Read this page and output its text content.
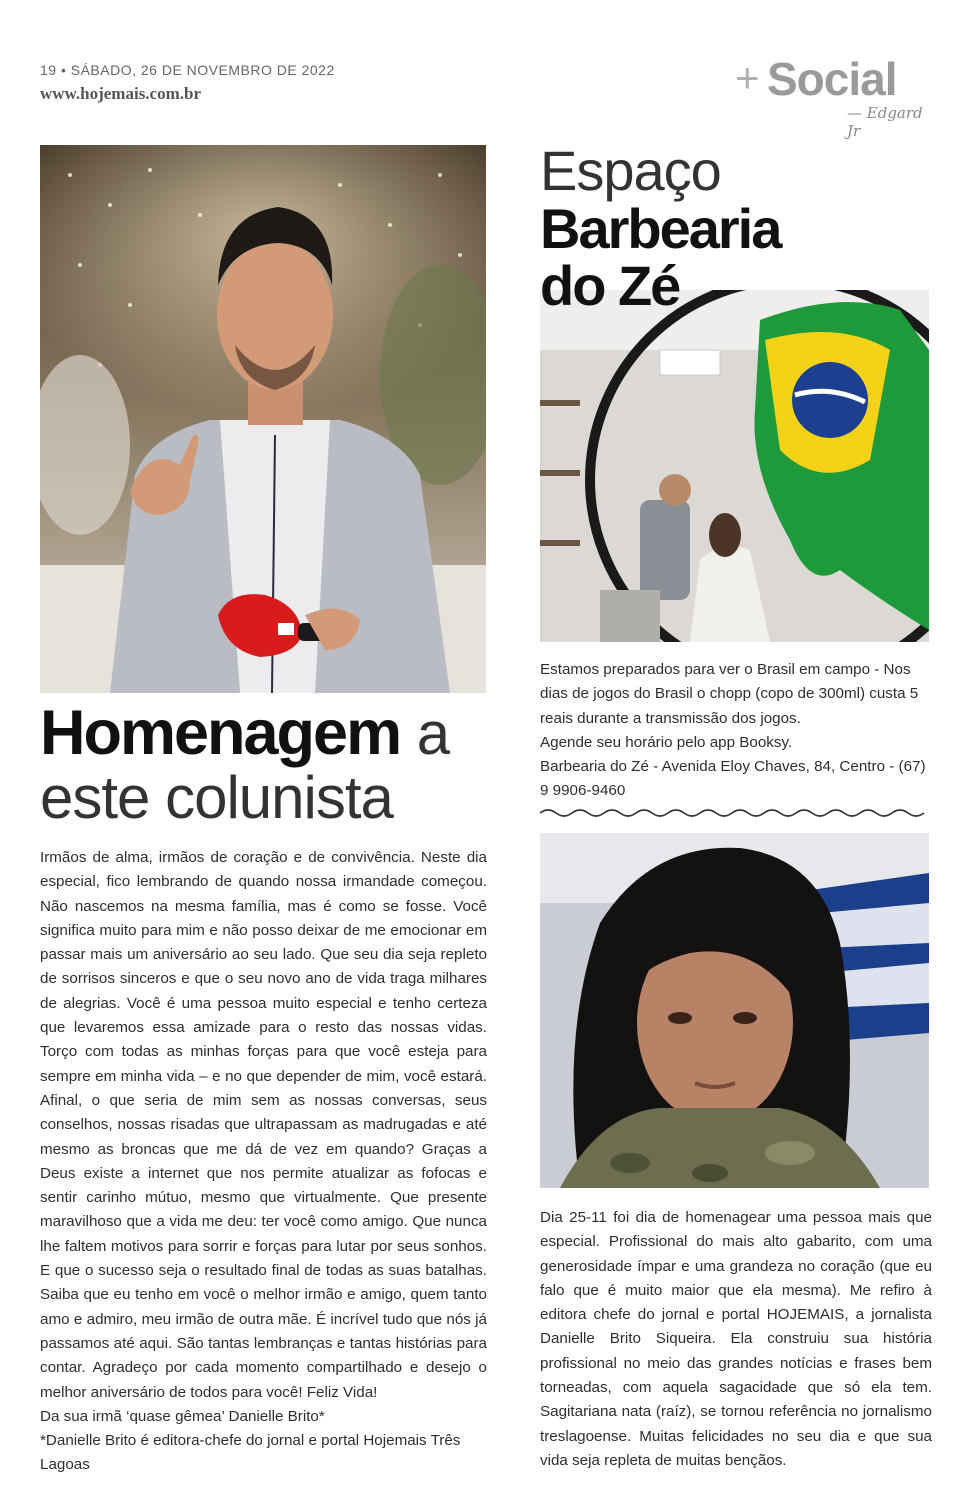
19 • SÁBADO, 26 DE NOVEMBRO DE 2022
www.hojemais.com.br	+ Social
— Edgard Jr
Homenagem a
este colunista

Irmãos de alma, irmãos de coração e de convivência. Neste dia especial, fico lembrando de quando nossa irmandade começou. Não nascemos na mesma família, mas é como se fosse. Você significa muito para mim e não posso deixar de me emocionar em passar mais um aniversário ao seu lado. Que seu dia seja repleto de sorrisos sinceros e que o seu novo ano de vida traga milhares de alegrias. Você é uma pessoa muito especial e tenho certeza que levaremos essa amizade para o resto das nossas vidas. Torço com todas as minhas forças para que você esteja para sempre em minha vida – e no que depender de mim, você estará. Afinal, o que seria de mim sem as nossas conversas, seus conselhos, nossas risadas que ultrapassam as madrugadas e até mesmo as broncas que me dá de vez em quando? Graças a Deus existe a internet que nos permite atualizar as fofocas e sentir carinho mútuo, mesmo que virtualmente. Que presente maravilhoso que a vida me deu: ter você como amigo. Que nunca lhe faltem motivos para sorrir e forças para lutar por seus sonhos. E que o sucesso seja o resultado final de todas as suas batalhas. Saiba que eu tenho em você o melhor irmão e amigo, quem tanto amo e admiro, meu irmão de outra mãe. É incrível tudo que nós já passamos até aqui. São tantas lembranças e tantas histórias para contar. Agradeço por cada momento compartilhado e desejo o melhor aniversário de todos para você! Feliz Vida!

Da sua irmã ‘quase gêmea’ Danielle Brito*

*Danielle Brito é editora-chefe do jornal e portal Hojemais Três Lagoas

Espaço
Barbearia
do Zé

Estamos preparados para ver o Brasil em campo - Nos dias de jogos do Brasil o chopp (copo de 300ml) custa 5 reais durante a transmissão dos jogos.

Agende seu horário pelo app Booksy.

Barbearia do Zé - Avenida Eloy Chaves, 84, Centro - (67) 9 9906-9460

Dia 25-11 foi dia de homenagear uma pessoa mais que especial. Profissional do mais alto gabarito, com uma generosidade ímpar e uma grandeza no coração (que eu falo que é muito maior que ela mesma). Me refiro à editora chefe do jornal e portal HOJEMAIS, a jornalista Danielle Brito Siqueira. Ela construiu sua história profissional no meio das grandes notícias e frases bem torneadas, com aquela sagacidade que só ela tem. Sagitariana nata (raíz), se tornou referência no jornalismo treslagoense. Muitas felicidades no seu dia e que sua vida seja repleta de muitas bençãos.
